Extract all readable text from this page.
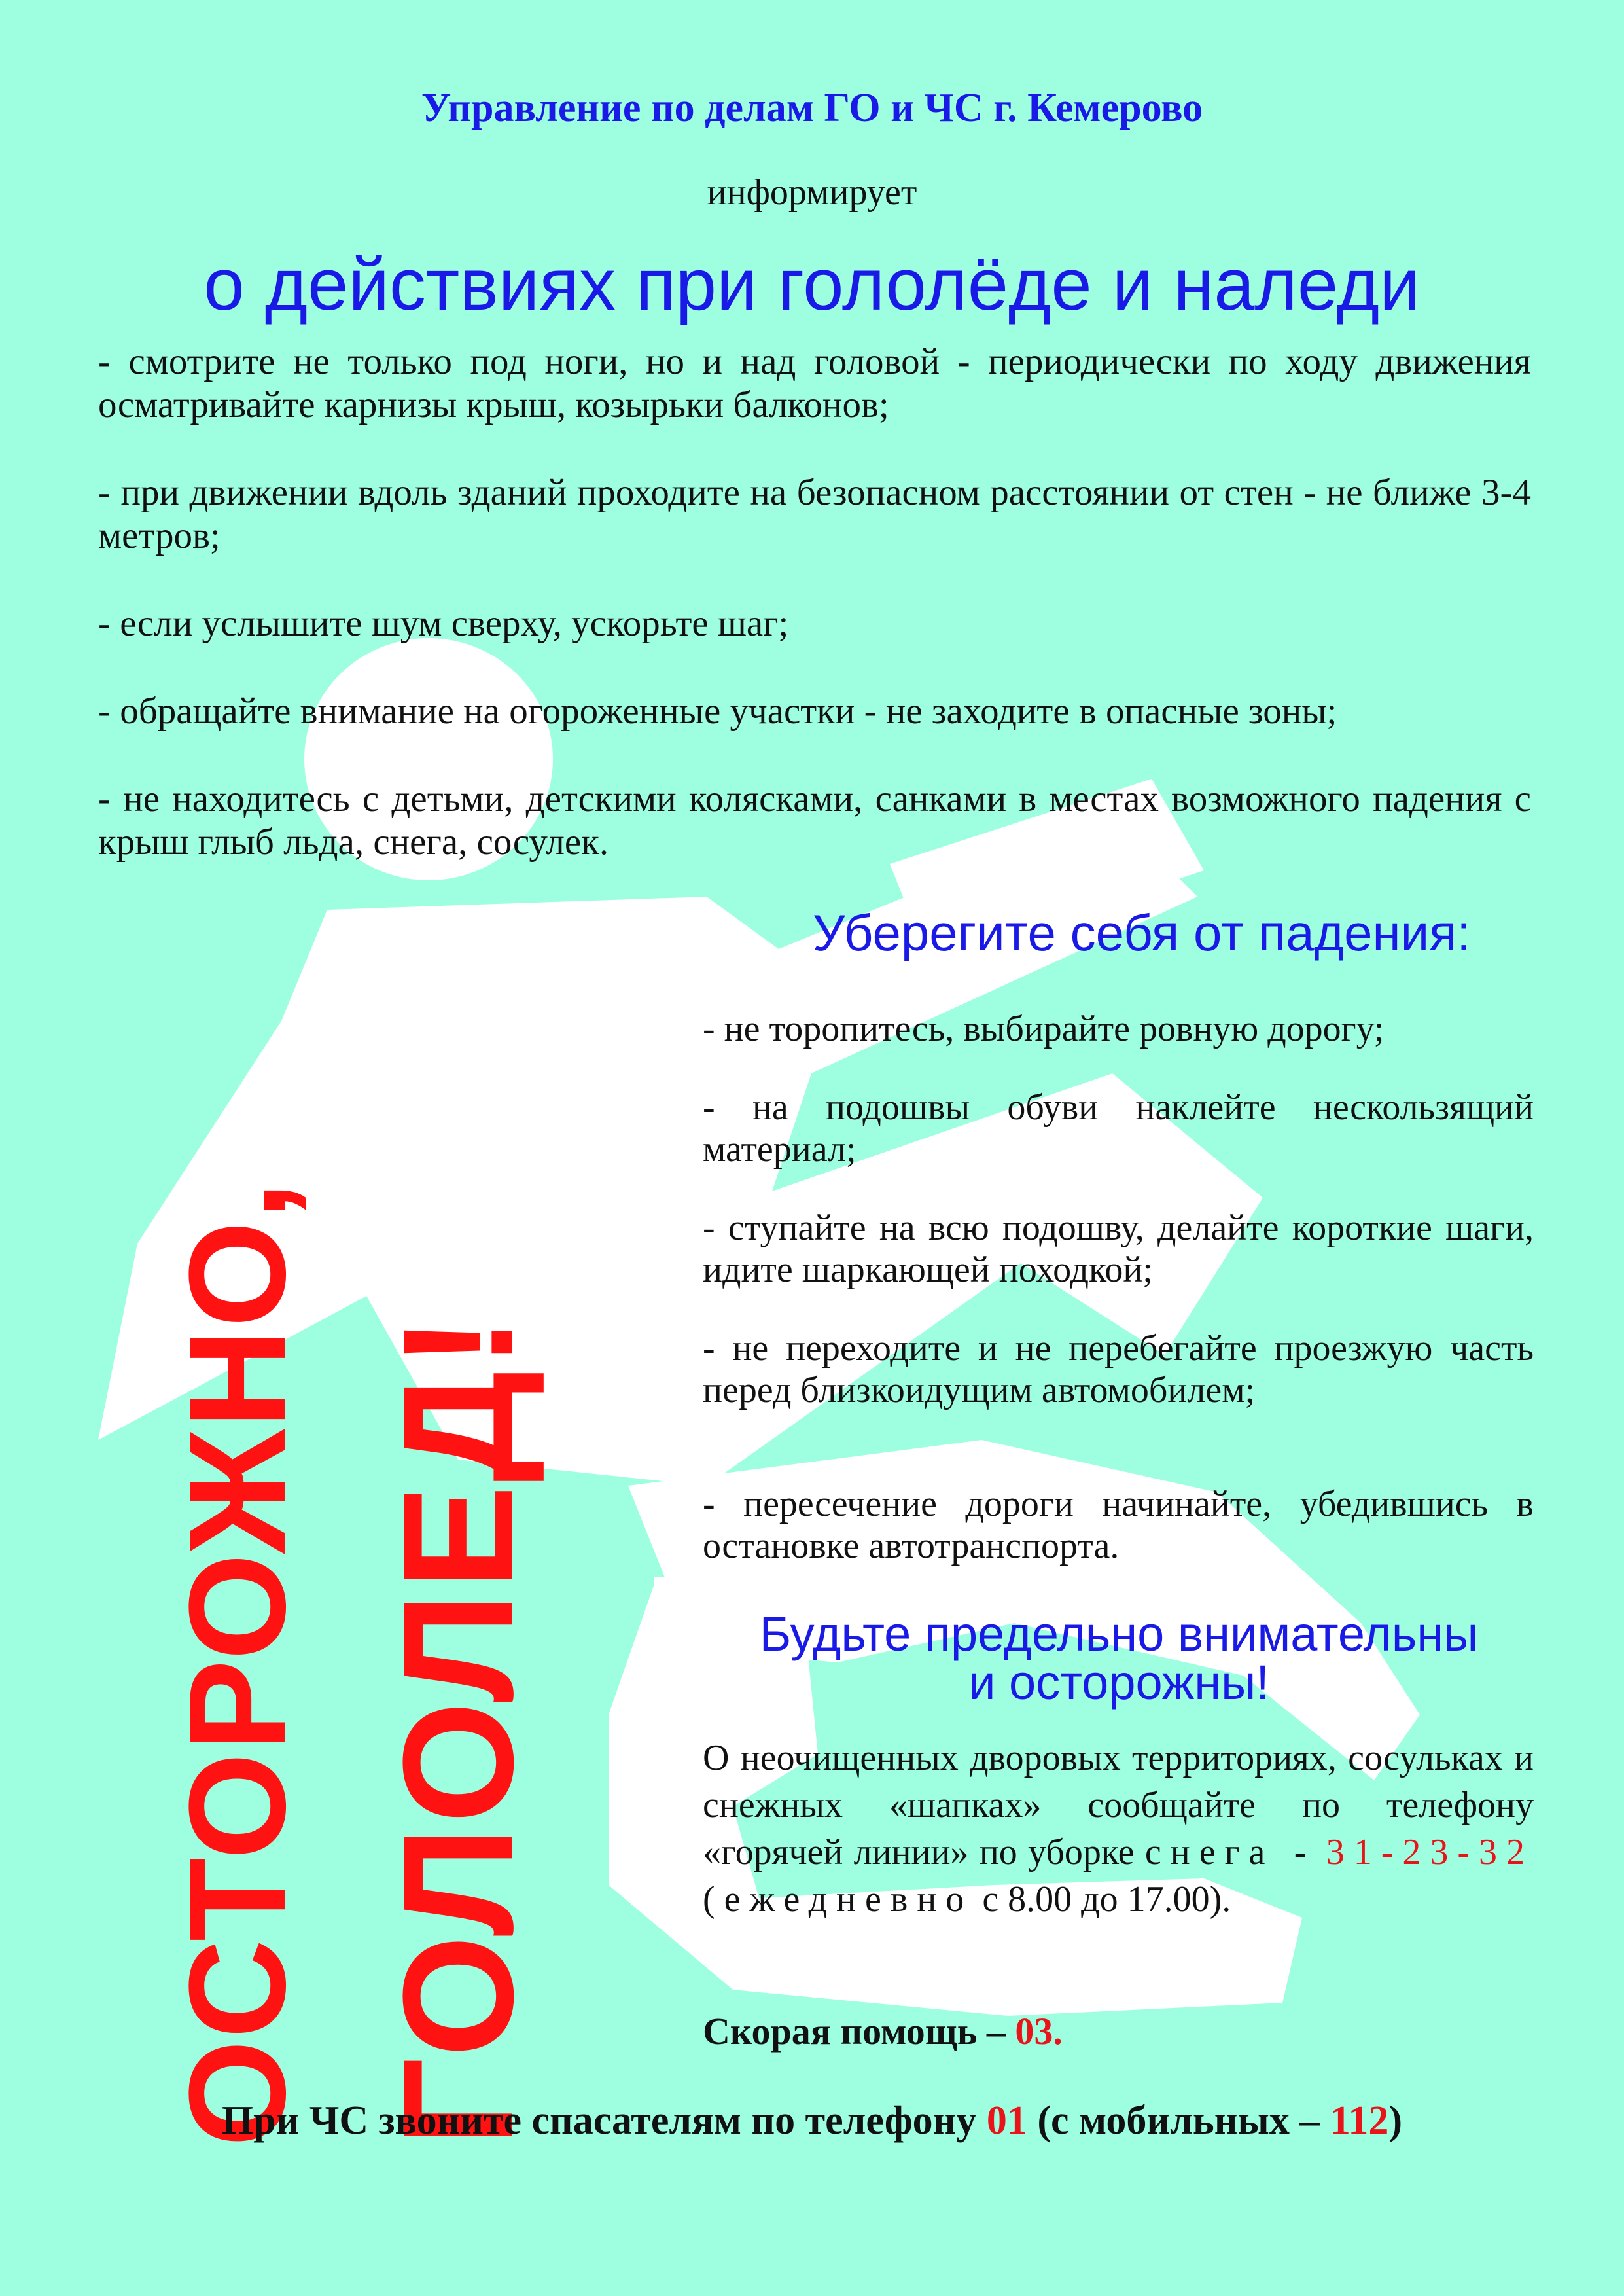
Управление по делам ГО и ЧС г. Кемерово
информирует
о действиях при гололёде и наледи

- смотрите не только под ноги, но и над головой - периодически по ходу движения осматривайте карнизы крыш, козырьки балконов;

- при движении вдоль зданий проходите на безопасном расстоянии от стен - не ближе 3-4 метров;

- если услышите шум сверху, ускорьте шаг;

- обращайте внимание на огороженные участки - не заходите в опасные зоны;

- не находитесь с детьми, детскими колясками, санками в местах возможного падения с крыш глыб льда, снега, сосулек.

ОСТОРОЖНО, ГОЛОЛЕД!
Уберегите себя от падения:

- не торопитесь, выбирайте ровную дорогу;

- на подошвы обуви наклейте нескользящий материал;

- ступайте на всю подошву, делайте короткие шаги, идите шаркающей походкой;

- не переходите и не перебегайте проезжую часть перед близкоидущим автомобилем;

- пересечение дороги начинайте, убедившись в остановке автотранспорта.

Будьте предельно внимательны
и осторожны!
О неочищенных дворовых территориях, сосульках и снежных «шапках» сообщайте по телефону «горячей линии» по уборке снега - 31-23-32 (ежедневно с 8.00 до 17.00).
Скорая помощь – 03.
При ЧС звоните спасателям по телефону 01 (с мобильных – 112)
